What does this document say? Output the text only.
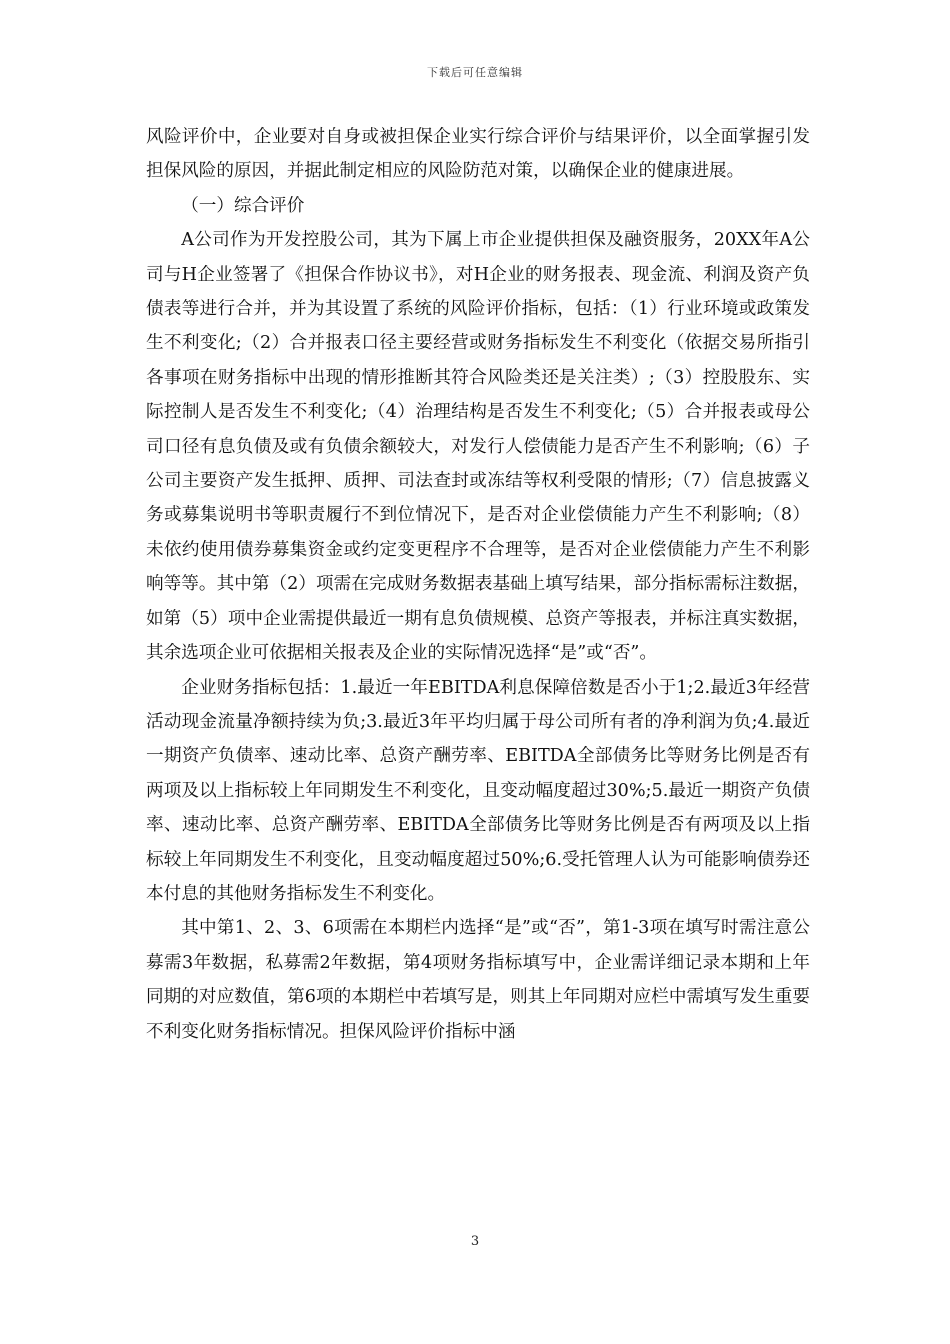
下载后可任意编辑

风险评价中，企业要对自身或被担保企业实行综合评价与结果评价，以全面掌握引发担保风险的原因，并据此制定相应的风险防范对策，以确保企业的健康进展。

（一）综合评价

A公司作为开发控股公司，其为下属上市企业提供担保及融资服务，20XX年A公司与H企业签署了《担保合作协议书》，对H企业的财务报表、现金流、利润及资产负债表等进行合并，并为其设置了系统的风险评价指标，包括：（1）行业环境或政策发生不利变化;（2）合并报表口径主要经营或财务指标发生不利变化（依据交易所指引各事项在财务指标中出现的情形推断其符合风险类还是关注类）;（3）控股股东、实际控制人是否发生不利变化;（4）治理结构是否发生不利变化;（5）合并报表或母公司口径有息负债及或有负债余额较大，对发行人偿债能力是否产生不利影响;（6）子公司主要资产发生抵押、质押、司法查封或冻结等权利受限的情形;（7）信息披露义务或募集说明书等职责履行不到位情况下，是否对企业偿债能力产生不利影响;（8）未依约使用债券募集资金或约定变更程序不合理等，是否对企业偿债能力产生不利影响等等。其中第（2）项需在完成财务数据表基础上填写结果，部分指标需标注数据，如第（5）项中企业需提供最近一期有息负债规模、总资产等报表，并标注真实数据，其余选项企业可依据相关报表及企业的实际情况选择“是”或“否”。

企业财务指标包括：1.最近一年EBITDA利息保障倍数是否小于1;2.最近3年经营活动现金流量净额持续为负;3.最近3年平均归属于母公司所有者的净利润为负;4.最近一期资产负债率、速动比率、总资产酬劳率、EBITDA全部债务比等财务比例是否有两项及以上指标较上年同期发生不利变化，且变动幅度超过30%;5.最近一期资产负债率、速动比率、总资产酬劳率、EBITDA全部债务比等财务比例是否有两项及以上指标较上年同期发生不利变化，且变动幅度超过50%;6.受托管理人认为可能影响债券还本付息的其他财务指标发生不利变化。

其中第1、2、3、6项需在本期栏内选择“是”或“否”，第1-3项在填写时需注意公募需3年数据，私募需2年数据，第4项财务指标填写中，企业需详细记录本期和上年同期的对应数值，第6项的本期栏中若填写是，则其上年同期对应栏中需填写发生重要不利变化财务指标情况。担保风险评价指标中涵

3
